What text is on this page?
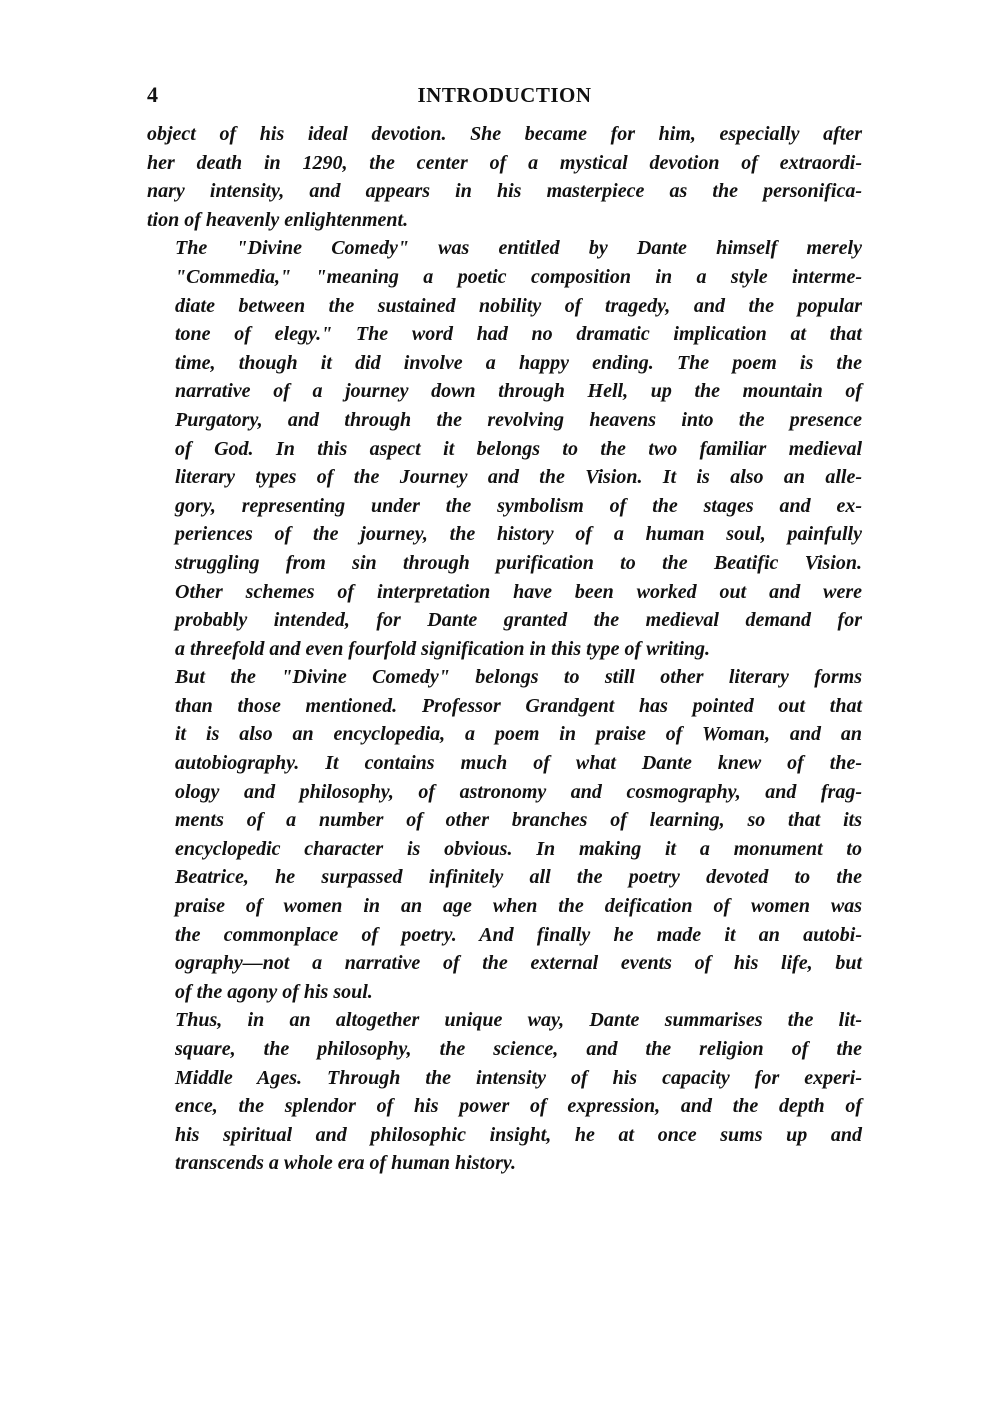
4	INTRODUCTION
object of his ideal devotion. She became for him, especially after
her death in 1290, the center of a mystical devotion of extraordi-
nary intensity, and appears in his masterpiece as the personifica-
tion of heavenly enlightenment.
The "Divine Comedy" was entitled by Dante himself merely
"Commedia," "meaning a poetic composition in a style interme-
diate between the sustained nobility of tragedy, and the popular
tone of elegy." The word had no dramatic implication at that
time, though it did involve a happy ending. The poem is the
narrative of a journey down through Hell, up the mountain of
Purgatory, and through the revolving heavens into the presence
of God. In this aspect it belongs to the two familiar medieval
literary types of the Journey and the Vision. It is also an alle-
gory, representing under the symbolism of the stages and ex-
periences of the journey, the history of a human soul, painfully
struggling from sin through purification to the Beatific Vision.
Other schemes of interpretation have been worked out and were
probably intended, for Dante granted the medieval demand for
a threefold and even fourfold signification in this type of writing.
But the "Divine Comedy" belongs to still other literary forms
than those mentioned. Professor Grandgent has pointed out that
it is also an encyclopedia, a poem in praise of Woman, and an
autobiography. It contains much of what Dante knew of the-
ology and philosophy, of astronomy and cosmography, and frag-
ments of a number of other branches of learning, so that its
encyclopedic character is obvious. In making it a monument to
Beatrice, he surpassed infinitely all the poetry devoted to the
praise of women in an age when the deification of women was
the commonplace of poetry. And finally he made it an autobi-
ography—not a narrative of the external events of his life, but
of the agony of his soul.
Thus, in an altogether unique way, Dante summarises the lit-
square, the philosophy, the science, and the religion of the
Middle Ages. Through the intensity of his capacity for experi-
ence, the splendor of his power of expression, and the depth of
his spiritual and philosophic insight, he at once sums up and
transcends a whole era of human history.
